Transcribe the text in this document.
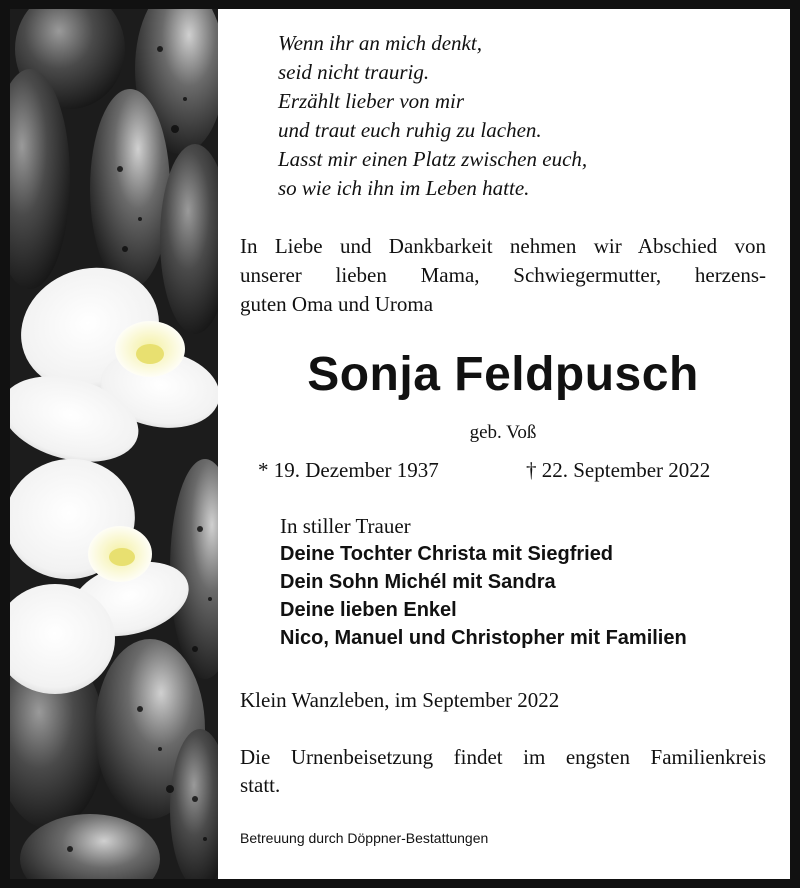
Wenn ihr an mich denkt,
seid nicht traurig.
Erzählt lieber von mir
und traut euch ruhig zu lachen.
Lasst mir einen Platz zwischen euch,
so wie ich ihn im Leben hatte.
In Liebe und Dankbarkeit nehmen wir Abschied von
unserer lieben Mama, Schwiegermutter, herzens-
guten Oma und Uroma
Sonja Feldpusch
geb. Voß
* 19. Dezember 1937	† 22. September 2022
In stiller Trauer
Deine Tochter Christa mit Siegfried
Dein Sohn Michél mit Sandra
Deine lieben Enkel
Nico, Manuel und Christopher mit Familien
Klein Wanzleben, im September 2022
Die Urnenbeisetzung findet im engsten Familienkreis
statt.
Betreuung durch Döppner-Bestattungen
